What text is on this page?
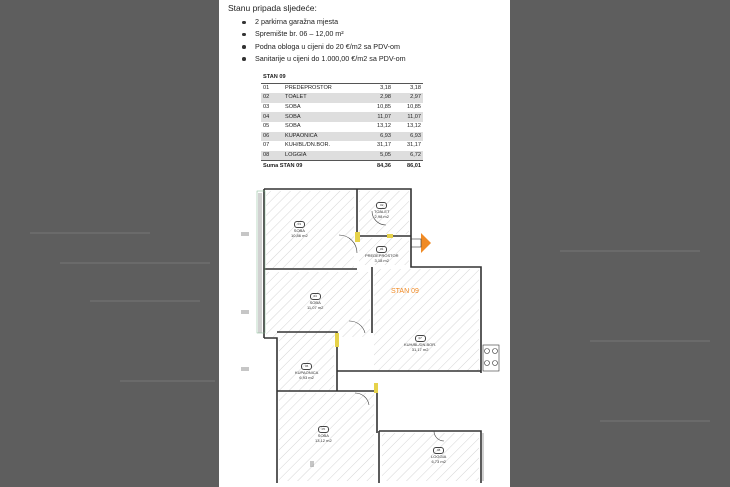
Stanu pripada sljedeće:
2 parkirna garažna mjesta
Spremište br. 06 – 12,00 m²
Podna obloga u cijeni do 20 €/m2 sa PDV-om
Sanitarije u cijeni do 1.000,00 €/m2 sa PDV-om
STAN 09			
01	PREDEPROSTOR	3,18	3,18
02	TOALET	2,98	2,97
03	SOBA	10,85	10,85
04	SOBA	11,07	11,07
05	SOBA	13,12	13,12
06	KUPAONICA	6,93	6,93
07	KUH/BL/DN.BOR.	31,17	31,17
08	LOGGIA	5,05	6,72
Suma STAN 09		84,36	86,01
03
SOBA
10,86 m2
02
TOALET
2,98 m2
01
PREDEPROSTOR
3,18 m2
04
SOBA
11,07 m2
07
KUH/BL/DN.BOR.
31,17 m2
06
KUPAONICA
6,93 m2
05
SOBA
13,12 m2
08
LOGGIA
6,73 m2
STAN 09
